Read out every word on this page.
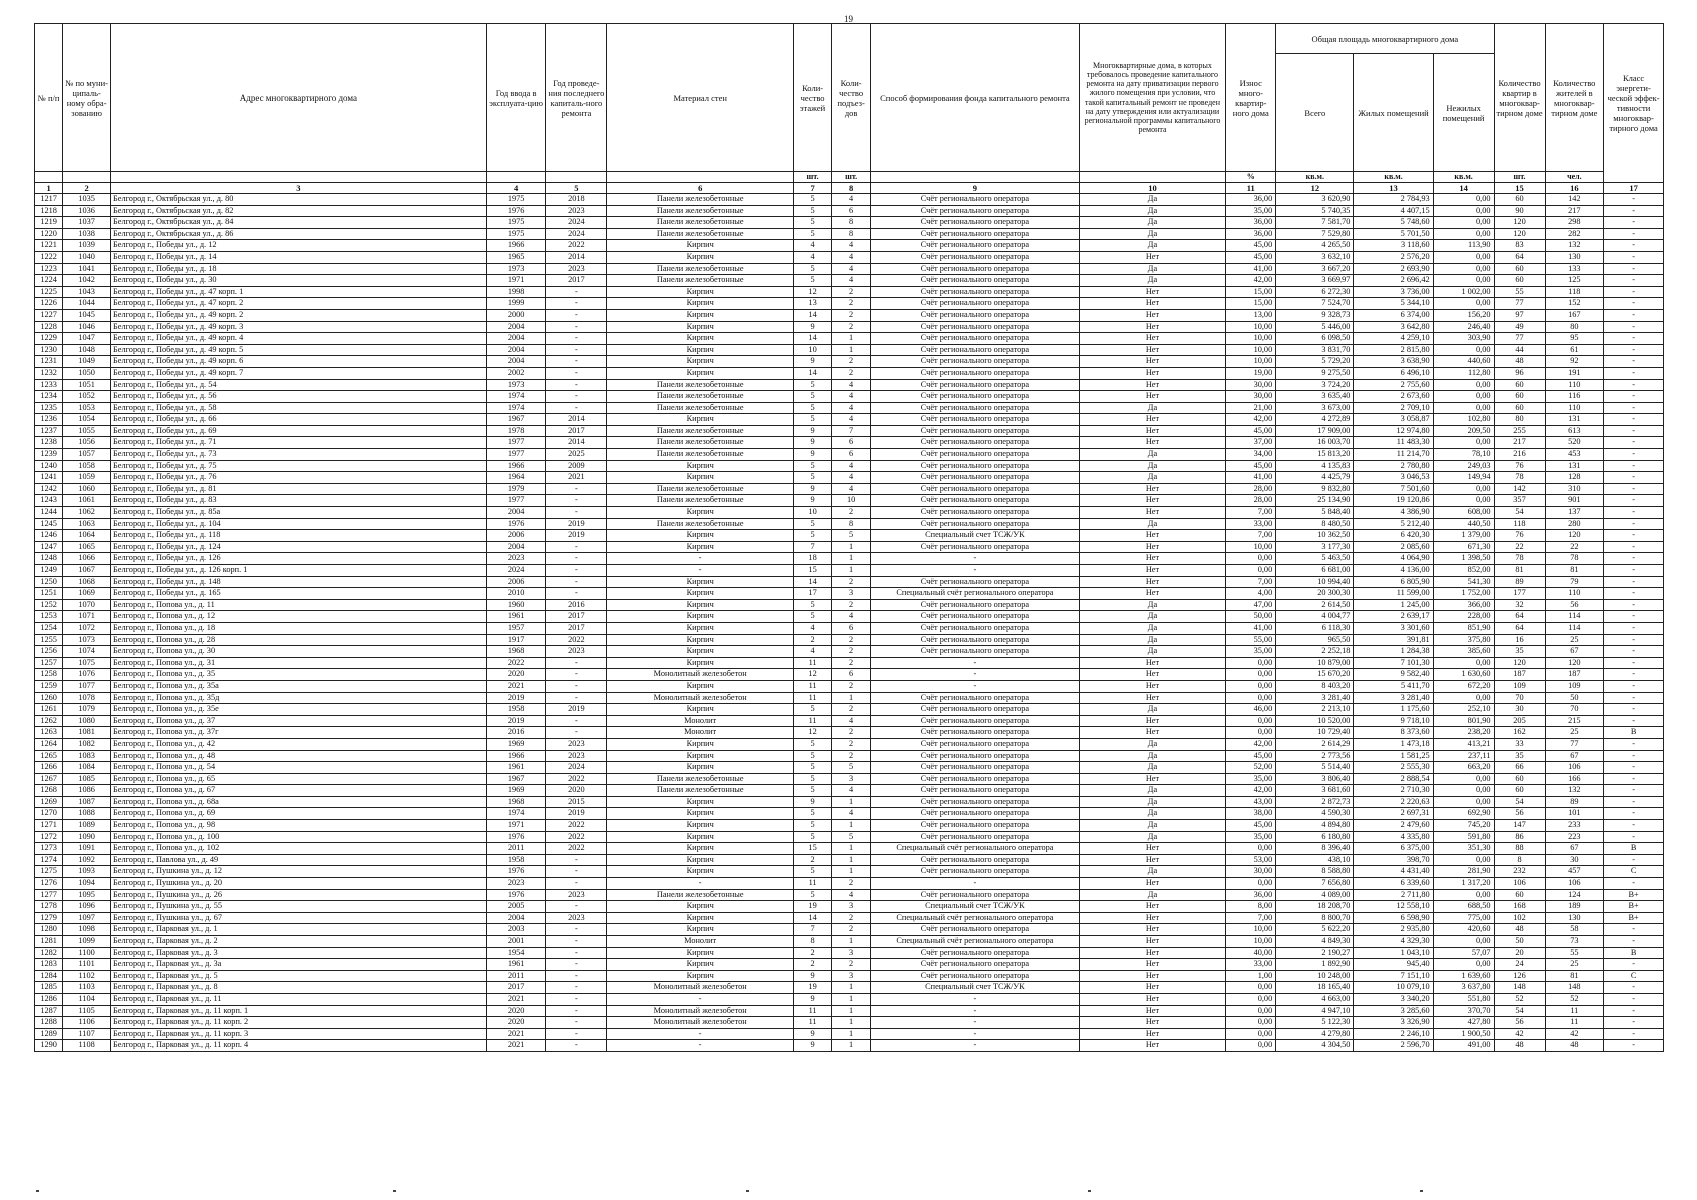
19
№ п/п	№ по муни-ципаль-ному обра-зованию	Адрес многоквартирного дома	Год ввода в эксплуата-цию	Год проведе-ния последнего капиталь-ного ремонта	Материал стен	Коли-чество этажей	Коли-чество подъез-дов	Способ формирования фонда капитального ремонта	Многоквартирные дома, в которых требовалось проведение капитального ремонта на дату приватизации первого жилого помещения при условии, что такой капитальный ремонт не проведен на дату утверждения или актуализации региональной программы капитального ремонта	Износ много-квартир-ного дома	Общая площадь многоквартирного дома			Количество квартир в многоквар-тирном доме	Количество жителей в многоквар-тирном доме	Класс энергети-ческой эффек-тивности многоквар-тирного дома
											Всего	Жилых помещений	Нежилых помещений			
						шт.	шт.			%	кв.м.	кв.м.	кв.м.	шт.	чел.	
1	2	3	4	5	6	7	8	9	10	11	12	13	14	15	16	17
1217	1035	Белгород г., Октябрьская ул., д. 80	1975	2018	Панели железобетонные	5	4	Счёт регионального оператора	Да	36,00	3 620,90	2 784,93	0,00	60	142	-
1218	1036	Белгород г., Октябрьская ул., д. 82	1976	2023	Панели железобетонные	5	6	Счёт регионального оператора	Да	35,00	5 740,35	4 407,15	0,00	90	217	-
1219	1037	Белгород г., Октябрьская ул., д. 84	1975	2024	Панели железобетонные	5	8	Счёт регионального оператора	Да	36,00	7 581,70	5 748,60	0,00	120	298	-
1220	1038	Белгород г., Октябрьская ул., д. 86	1975	2024	Панели железобетонные	5	8	Счёт регионального оператора	Да	36,00	7 529,80	5 701,50	0,00	120	282	-
1221	1039	Белгород г., Победы ул., д. 12	1966	2022	Кирпич	4	4	Счёт регионального оператора	Да	45,00	4 265,50	3 118,60	113,90	83	132	-
1222	1040	Белгород г., Победы ул., д. 14	1965	2014	Кирпич	4	4	Счёт регионального оператора	Нет	45,00	3 632,10	2 576,20	0,00	64	130	-
1223	1041	Белгород г., Победы ул., д. 18	1973	2023	Панели железобетонные	5	4	Счёт регионального оператора	Да	41,00	3 667,20	2 693,90	0,00	60	133	-
1224	1042	Белгород г., Победы ул., д. 30	1971	2017	Панели железобетонные	5	4	Счёт регионального оператора	Да	42,00	3 669,97	2 696,42	0,00	60	125	-
1225	1043	Белгород г., Победы ул., д. 47 корп. 1	1998	-	Кирпич	12	2	Счёт регионального оператора	Нет	15,00	6 272,30	3 736,00	1 002,00	55	118	-
1226	1044	Белгород г., Победы ул., д. 47 корп. 2	1999	-	Кирпич	13	2	Счёт регионального оператора	Нет	15,00	7 524,70	5 344,10	0,00	77	152	-
1227	1045	Белгород г., Победы ул., д. 49 корп. 2	2000	-	Кирпич	14	2	Счёт регионального оператора	Нет	13,00	9 328,73	6 374,00	156,20	97	167	-
1228	1046	Белгород г., Победы ул., д. 49 корп. 3	2004	-	Кирпич	9	2	Счёт регионального оператора	Нет	10,00	5 446,00	3 642,80	246,40	49	80	-
1229	1047	Белгород г., Победы ул., д. 49 корп. 4	2004	-	Кирпич	14	1	Счёт регионального оператора	Нет	10,00	6 098,50	4 259,10	303,90	77	95	-
1230	1048	Белгород г., Победы ул., д. 49 корп. 5	2004	-	Кирпич	10	1	Счёт регионального оператора	Нет	10,00	3 831,70	2 815,80	0,00	44	61	-
1231	1049	Белгород г., Победы ул., д. 49 корп. 6	2004	-	Кирпич	9	2	Счёт регионального оператора	Нет	10,00	5 729,20	3 638,90	440,60	48	92	-
1232	1050	Белгород г., Победы ул., д. 49 корп. 7	2002	-	Кирпич	14	2	Счёт регионального оператора	Нет	19,00	9 275,50	6 496,10	112,80	96	191	-
1233	1051	Белгород г., Победы ул., д. 54	1973	-	Панели железобетонные	5	4	Счёт регионального оператора	Нет	30,00	3 724,20	2 755,60	0,00	60	110	-
1234	1052	Белгород г., Победы ул., д. 56	1974	-	Панели железобетонные	5	4	Счёт регионального оператора	Нет	30,00	3 635,40	2 673,60	0,00	60	116	-
1235	1053	Белгород г., Победы ул., д. 58	1974	-	Панели железобетонные	5	4	Счёт регионального оператора	Да	21,00	3 673,00	2 709,10	0,00	60	110	-
1236	1054	Белгород г., Победы ул., д. 66	1967	2014	Кирпич	5	4	Счёт регионального оператора	Нет	42,00	4 272,89	3 058,87	102,80	80	131	-
1237	1055	Белгород г., Победы ул., д. 69	1978	2017	Панели железобетонные	9	7	Счёт регионального оператора	Нет	45,00	17 909,00	12 974,80	209,50	255	613	-
1238	1056	Белгород г., Победы ул., д. 71	1977	2014	Панели железобетонные	9	6	Счёт регионального оператора	Нет	37,00	16 003,70	11 483,30	0,00	217	520	-
1239	1057	Белгород г., Победы ул., д. 73	1977	2025	Панели железобетонные	9	6	Счёт регионального оператора	Да	34,00	15 813,20	11 214,70	78,10	216	453	-
1240	1058	Белгород г., Победы ул., д. 75	1966	2009	Кирпич	5	4	Счёт регионального оператора	Да	45,00	4 135,83	2 780,80	249,03	76	131	-
1241	1059	Белгород г., Победы ул., д. 76	1964	2021	Кирпич	5	4	Счёт регионального оператора	Да	41,00	4 425,79	3 046,53	149,94	78	128	-
1242	1060	Белгород г., Победы ул., д. 81	1979	-	Панели железобетонные	9	4	Счёт регионального оператора	Нет	28,00	9 832,80	7 501,60	0,00	142	310	-
1243	1061	Белгород г., Победы ул., д. 83	1977	-	Панели железобетонные	9	10	Счёт регионального оператора	Нет	28,00	25 134,90	19 120,86	0,00	357	901	-
1244	1062	Белгород г., Победы ул., д. 85а	2004	-	Кирпич	10	2	Счёт регионального оператора	Нет	7,00	5 848,40	4 386,90	608,00	54	137	-
1245	1063	Белгород г., Победы ул., д. 104	1976	2019	Панели железобетонные	5	8	Счёт регионального оператора	Да	33,00	8 480,50	5 212,40	440,50	118	280	-
1246	1064	Белгород г., Победы ул., д. 118	2006	2019	Кирпич	5	5	Специальный счет ТСЖ/УК	Нет	7,00	10 362,50	6 420,30	1 379,00	76	120	-
1247	1065	Белгород г., Победы ул., д. 124	2004	-	Кирпич	7	1	Счёт регионального оператора	Нет	10,00	3 177,30	2 085,60	671,30	22	22	-
1248	1066	Белгород г., Победы ул., д. 126	2023	-	-	18	1	-	Нет	0,00	5 463,50	4 064,90	1 398,50	78	78	-
1249	1067	Белгород г., Победы ул., д. 126 корп. 1	2024	-	-	15	1	-	Нет	0,00	6 681,00	4 136,00	852,00	81	81	-
1250	1068	Белгород г., Победы ул., д. 148	2006	-	Кирпич	14	2	Счёт регионального оператора	Нет	7,00	10 994,40	6 805,90	541,30	89	79	-
1251	1069	Белгород г., Победы ул., д. 165	2010	-	Кирпич	17	3	Специальный счёт регионального оператора	Нет	4,00	20 300,30	11 599,00	1 752,00	177	110	-
1252	1070	Белгород г., Попова ул., д. 11	1960	2016	Кирпич	5	2	Счёт регионального оператора	Да	47,00	2 614,50	1 245,00	366,00	32	56	-
1253	1071	Белгород г., Попова ул., д. 12	1961	2017	Кирпич	5	4	Счёт регионального оператора	Да	50,00	4 004,77	2 639,17	228,00	64	114	-
1254	1072	Белгород г., Попова ул., д. 18	1957	2017	Кирпич	4	6	Счёт регионального оператора	Да	41,00	6 118,30	3 301,60	851,90	64	114	-
1255	1073	Белгород г., Попова ул., д. 28	1917	2022	Кирпич	2	2	Счёт регионального оператора	Да	55,00	965,50	391,81	375,80	16	25	-
1256	1074	Белгород г., Попова ул., д. 30	1968	2023	Кирпич	4	2	Счёт регионального оператора	Да	35,00	2 252,18	1 284,38	385,60	35	67	-
1257	1075	Белгород г., Попова ул., д. 31	2022	-	Кирпич	11	2	-	Нет	0,00	10 879,00	7 101,30	0,00	120	120	-
1258	1076	Белгород г., Попова ул., д. 35	2020	-	Монолитный железобетон	12	6	-	Нет	0,00	15 670,20	9 582,40	1 630,60	187	187	-
1259	1077	Белгород г., Попова ул., д. 35а	2021	-	Кирпич	11	2	-	Нет	0,00	8 403,20	5 411,70	672,20	109	109	-
1260	1078	Белгород г., Попова ул., д. 35д	2019	-	Монолитный железобетон	11	1	Счёт регионального оператора	Нет	0,00	3 281,40	3 281,40	0,00	70	50	-
1261	1079	Белгород г., Попова ул., д. 35е	1958	2019	Кирпич	5	2	Счёт регионального оператора	Да	46,00	2 213,10	1 175,60	252,10	30	70	-
1262	1080	Белгород г., Попова ул., д. 37	2019	-	Монолит	11	4	Счёт регионального оператора	Нет	0,00	10 520,00	9 718,10	801,90	205	215	-
1263	1081	Белгород г., Попова ул., д. 37г	2016	-	Монолит	12	2	Счёт регионального оператора	Нет	0,00	10 729,40	8 373,60	238,20	162	25	В
1264	1082	Белгород г., Попова ул., д. 42	1969	2023	Кирпич	5	2	Счёт регионального оператора	Да	42,00	2 614,29	1 473,18	413,21	33	77	-
1265	1083	Белгород г., Попова ул., д. 48	1966	2023	Кирпич	5	2	Счёт регионального оператора	Да	45,00	2 773,56	1 581,25	237,11	35	67	-
1266	1084	Белгород г., Попова ул., д. 54	1961	2024	Кирпич	5	5	Счёт регионального оператора	Да	52,00	5 514,40	2 555,30	663,20	66	106	-
1267	1085	Белгород г., Попова ул., д. 65	1967	2022	Панели железобетонные	5	3	Счёт регионального оператора	Нет	35,00	3 806,40	2 888,54	0,00	60	166	-
1268	1086	Белгород г., Попова ул., д. 67	1969	2020	Панели железобетонные	5	4	Счёт регионального оператора	Да	42,00	3 681,60	2 710,30	0,00	60	132	-
1269	1087	Белгород г., Попова ул., д. 68а	1968	2015	Кирпич	9	1	Счёт регионального оператора	Да	43,00	2 872,73	2 220,63	0,00	54	89	-
1270	1088	Белгород г., Попова ул., д. 69	1974	2019	Кирпич	5	4	Счёт регионального оператора	Да	38,00	4 590,30	2 697,31	692,90	56	101	-
1271	1089	Белгород г., Попова ул., д. 98	1971	2022	Кирпич	5	1	Счёт регионального оператора	Да	45,00	4 894,80	2 479,60	745,20	147	233	-
1272	1090	Белгород г., Попова ул., д. 100	1976	2022	Кирпич	5	5	Счёт регионального оператора	Да	35,00	6 180,80	4 335,80	591,80	86	223	-
1273	1091	Белгород г., Попова ул., д. 102	2011	2022	Кирпич	15	1	Специальный счёт регионального оператора	Нет	0,00	8 396,40	6 375,00	351,30	88	67	В
1274	1092	Белгород г., Павлова ул., д. 49	1958	-	Кирпич	2	1	Счёт регионального оператора	Нет	53,00	438,10	398,70	0,00	8	30	-
1275	1093	Белгород г., Пушкина ул., д. 12	1976	-	Кирпич	5	1	Счёт регионального оператора	Да	30,00	8 588,80	4 431,40	281,90	232	457	С
1276	1094	Белгород г., Пушкина ул., д. 20	2023	-	-	11	2	-	Нет	0,00	7 656,80	6 339,60	1 317,20	106	106	-
1277	1095	Белгород г., Пушкина ул., д. 26	1976	2023	Панели железобетонные	5	4	Счёт регионального оператора	Да	36,00	4 089,00	2 711,80	0,00	60	124	В+
1278	1096	Белгород г., Пушкина ул., д. 55	2005	-	Кирпич	19	3	Специальный счет ТСЖ/УК	Нет	8,00	18 208,70	12 558,10	688,50	168	189	В+
1279	1097	Белгород г., Пушкина ул., д. 67	2004	2023	Кирпич	14	2	Специальный счёт регионального оператора	Нет	7,00	8 800,70	6 598,90	775,00	102	130	В+
1280	1098	Белгород г., Парковая ул., д. 1	2003	-	Кирпич	7	2	Счёт регионального оператора	Нет	10,00	5 622,20	2 935,80	420,60	48	58	-
1281	1099	Белгород г., Парковая ул., д. 2	2001	-	Монолит	8	1	Специальный счёт регионального оператора	Нет	10,00	4 849,30	4 329,30	0,00	50	73	-
1282	1100	Белгород г., Парковая ул., д. 3	1954	-	Кирпич	2	3	Счёт регионального оператора	Нет	40,00	2 190,27	1 043,10	57,07	20	55	В
1283	1101	Белгород г., Парковая ул., д. 3а	1961	-	Кирпич	2	2	Счёт регионального оператора	Нет	33,00	1 892,90	945,40	0,00	24	25	-
1284	1102	Белгород г., Парковая ул., д. 5	2011	-	Кирпич	9	3	Счёт регионального оператора	Нет	1,00	10 248,00	7 151,10	1 639,60	126	81	С
1285	1103	Белгород г., Парковая ул., д. 8	2017	-	Монолитный железобетон	19	1	Специальный счет ТСЖ/УК	Нет	0,00	18 165,40	10 079,10	3 637,80	148	148	-
1286	1104	Белгород г., Парковая ул., д. 11	2021	-	-	9	1	-	Нет	0,00	4 663,00	3 340,20	551,80	52	52	-
1287	1105	Белгород г., Парковая ул., д. 11 корп. 1	2020	-	Монолитный железобетон	11	1	-	Нет	0,00	4 947,10	3 285,60	370,70	54	11	-
1288	1106	Белгород г., Парковая ул., д. 11 корп. 2	2020	-	Монолитный железобетон	11	1	-	Нет	0,00	5 122,30	3 326,90	427,80	56	11	-
1289	1107	Белгород г., Парковая ул., д. 11 корп. 3	2021	-	-	9	1	-	Нет	0,00	4 279,80	2 246,10	1 900,50	42	42	-
1290	1108	Белгород г., Парковая ул., д. 11 корп. 4	2021	-	-	9	1	-	Нет	0,00	4 304,50	2 596,70	491,00	48	48	-
